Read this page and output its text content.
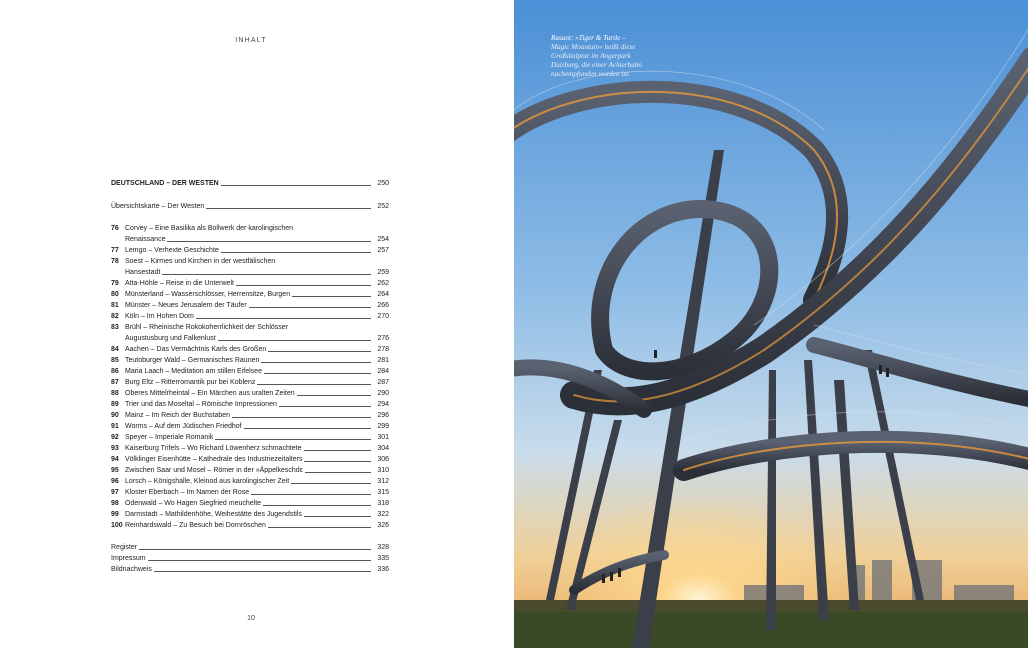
INHALT
DEUTSCHLAND – DER WESTEN	250
Übersichtskarte – Der Westen	252
76 Corvey – Eine Basilika als Bollwerk der karolingischen
Renaissance	254
77 Lemgo – Verhexte Geschichte	257
78 Soest – Kirmes und Kirchen in der westfälischen
Hansestadt	259
79 Atta-Höhle – Reise in die Unterwelt	262
80 Münsterland – Wasserschlösser, Herrensitze, Burgen	264
81 Münster – Neues Jerusalem der Täufer	266
82 Köln – Im Hohen Dom	270
83 Brühl – Rheinische Rokokoherrlichkeit der Schlösser
Augustusburg und Falkenlust	276
84 Aachen – Das Vermächtnis Karls des Großen	278
85 Teutoburger Wald – Germanisches Raunen	281
86 Maria Laach – Meditation am stillen Eifelsee	284
87 Burg Eltz – Ritterromantik pur bei Koblenz	287
88 Oberes Mittelrheintal – Ein Märchen aus uralten Zeiten	290
89 Trier und das Moseltal – Römische Impressionen	294
90 Mainz – Im Reich der Buchstaben	296
91 Worms – Auf dem Jüdischen Friedhof	299
92 Speyer – Imperiale Romanik	301
93 Kaiserburg Trifels – Wo Richard Löwenherz schmachtete	304
94 Völklinger Eisenhütte – Kathedrale des Industriezeitalters	306
95 Zwischen Saar und Mosel – Römer in der »Äppelkeschdε	310
96 Lorsch – Königshalle, Kleinod aus karolingischer Zeit	312
97 Kloster Eberbach – Im Namen der Rose	315
98 Odenwald – Wo Hagen Siegfried meuchelte	318
99 Darmstadt – Mathildenhöhe, Weihestätte des Jugendstils	322
100 Reinhardswald – Zu Besuch bei Dornröschen	326
Register	328
Impressum	335
Bildnachweis	336
10
Rasant: »Tiger & Turtle –
Magic Mountain« heißt diese
Großskulptur im Angerpark
Duisburg, die einer Achterbahn
nachempfunden worden ist.
